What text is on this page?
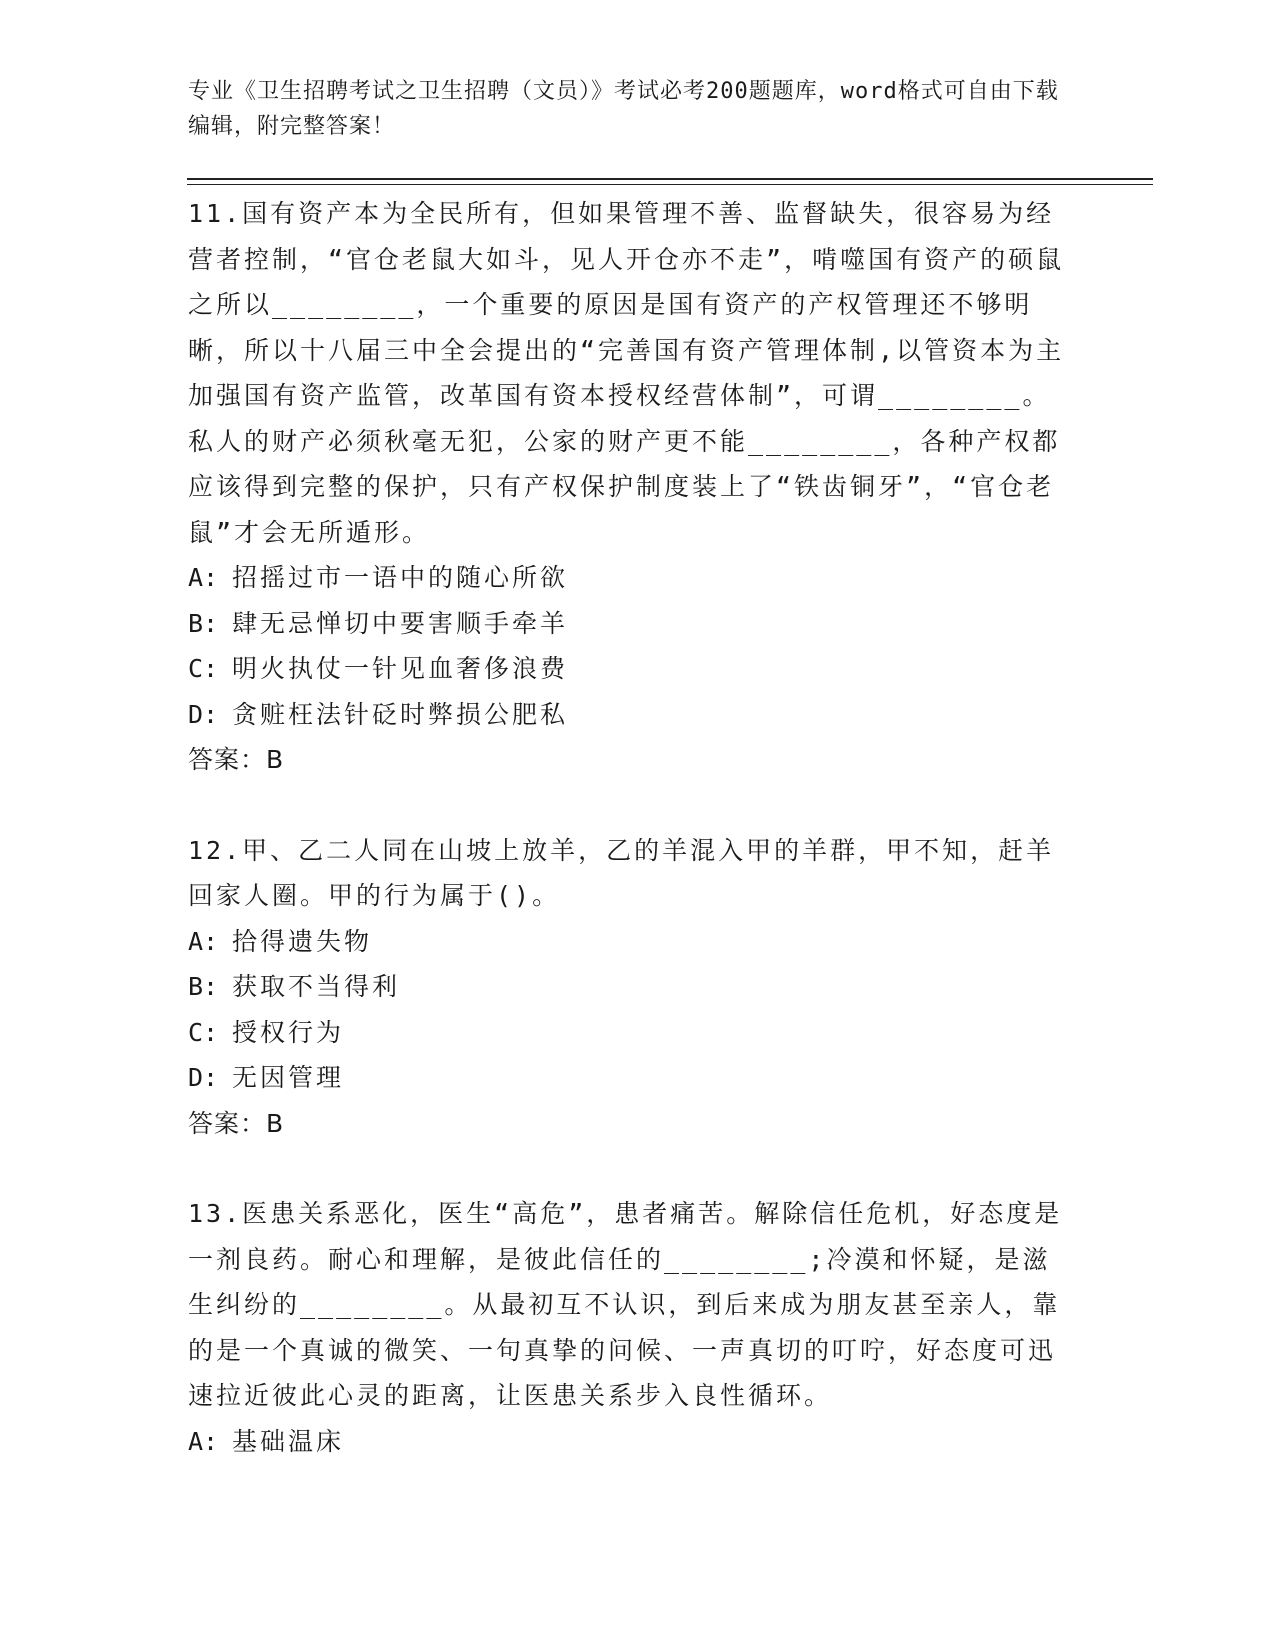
专业《卫生招聘考试之卫生招聘（文员）》考试必考200题题库，word格式可自由下载编辑，附完整答案！

11.国有资产本为全民所有，但如果管理不善、监督缺失，很容易为经营者控制，“官仓老鼠大如斗，见人开仓亦不走”，啃噬国有资产的硕鼠之所以________，一个重要的原因是国有资产的产权管理还不够明晰，所以十八届三中全会提出的“完善国有资产管理体制,以管资本为主加强国有资产监管，改革国有资本授权经营体制”，可谓________。私人的财产必须秋毫无犯，公家的财产更不能________，各种产权都应该得到完整的保护，只有产权保护制度装上了“铁齿铜牙”，“官仓老鼠”才会无所遁形。

A: 招摇过市一语中的随心所欲

B: 肆无忌惮切中要害顺手牵羊

C: 明火执仗一针见血奢侈浪费

D: 贪赃枉法针砭时弊损公肥私

答案：B

12.甲、乙二人同在山坡上放羊，乙的羊混入甲的羊群，甲不知，赶羊回家人圈。甲的行为属于()。

A: 拾得遗失物

B: 获取不当得利

C: 授权行为

D: 无因管理

答案：B

13.医患关系恶化，医生“高危”，患者痛苦。解除信任危机，好态度是一剂良药。耐心和理解，是彼此信任的________;冷漠和怀疑，是滋生纠纷的________。从最初互不认识，到后来成为朋友甚至亲人，靠的是一个真诚的微笑、一句真挚的问候、一声真切的叮咛，好态度可迅速拉近彼此心灵的距离，让医患关系步入良性循环。

A: 基础温床
